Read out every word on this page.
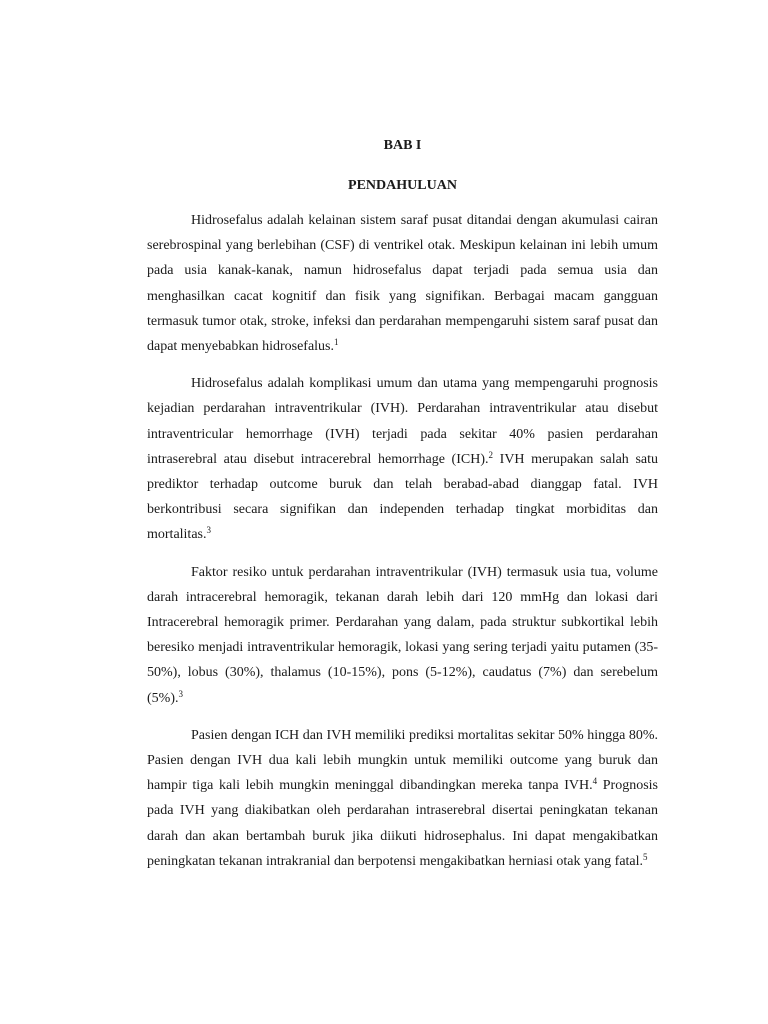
BAB I
PENDAHULUAN

Hidrosefalus adalah kelainan sistem saraf pusat ditandai dengan akumulasi cairan serebrospinal yang berlebihan (CSF) di ventrikel otak. Meskipun kelainan ini lebih umum pada usia kanak-kanak, namun hidrosefalus dapat terjadi pada semua usia dan menghasilkan cacat kognitif dan fisik yang signifikan. Berbagai macam gangguan termasuk tumor otak, stroke, infeksi dan perdarahan mempengaruhi sistem saraf pusat dan dapat menyebabkan hidrosefalus.$^1$

Hidrosefalus adalah komplikasi umum dan utama yang mempengaruhi prognosis kejadian perdarahan intraventrikular (IVH). Perdarahan intraventrikular atau disebut intraventricular hemorrhage (IVH) terjadi pada sekitar 40% pasien perdarahan intraserebral atau disebut intracerebral hemorrhage (ICH).$^2$ IVH merupakan salah satu prediktor terhadap outcome buruk dan telah berabad-abad dianggap fatal. IVH berkontribusi secara signifikan dan independen terhadap tingkat morbiditas dan mortalitas.$^3$

Faktor resiko untuk perdarahan intraventrikular (IVH) termasuk usia tua, volume darah intracerebral hemoragik, tekanan darah lebih dari 120 mmHg dan lokasi dari Intracerebral hemoragik primer. Perdarahan yang dalam, pada struktur subkortikal lebih beresiko menjadi intraventrikular hemoragik, lokasi yang sering terjadi yaitu putamen (35-50%), lobus (30%), thalamus (10-15%), pons (5-12%), caudatus (7%) dan serebelum (5%).$^3$

Pasien dengan ICH dan IVH memiliki prediksi mortalitas sekitar 50% hingga 80%. Pasien dengan IVH dua kali lebih mungkin untuk memiliki outcome yang buruk dan hampir tiga kali lebih mungkin meninggal dibandingkan mereka tanpa IVH.$^4$ Prognosis pada IVH yang diakibatkan oleh perdarahan intraserebral disertai peningkatan tekanan darah dan akan bertambah buruk jika diikuti hidrosephalus. Ini dapat mengakibatkan peningkatan tekanan intrakranial dan berpotensi mengakibatkan herniasi otak yang fatal.$^5$
